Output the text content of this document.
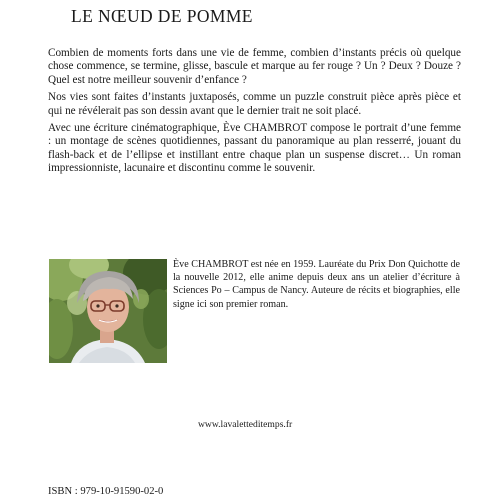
LE NŒUD DE POMME

Combien de moments forts dans une vie de femme, combien d’instants précis où quelque chose commence, se termine, glisse, bascule et marque au fer rouge ? Un ? Deux ? Douze ? Quel est notre meilleur souvenir d’enfance ?

Nos vies sont faites d’instants juxtaposés, comme un puzzle construit pièce après pièce et qui ne révélerait pas son dessin avant que le dernier trait ne soit placé.

Avec une écriture cinématographique, Ève CHAMBROT compose le portrait d’une femme : un montage de scènes quotidiennes, passant du panoramique au plan resserré, jouant du flash-back et de l’ellipse et instillant entre chaque plan un suspense discret… Un roman impressionniste, lacunaire et discontinu comme le souvenir.

Ève CHAMBROT est née en 1959. Lauréate du Prix Don Quichotte de la nouvelle 2012, elle anime depuis deux ans un atelier d’écriture à Sciences Po – Campus de Nancy. Auteure de récits et biographies, elle signe ici son premier roman.
www.lavaletteditemps.fr
ISBN : 979-10-91590-02-0
